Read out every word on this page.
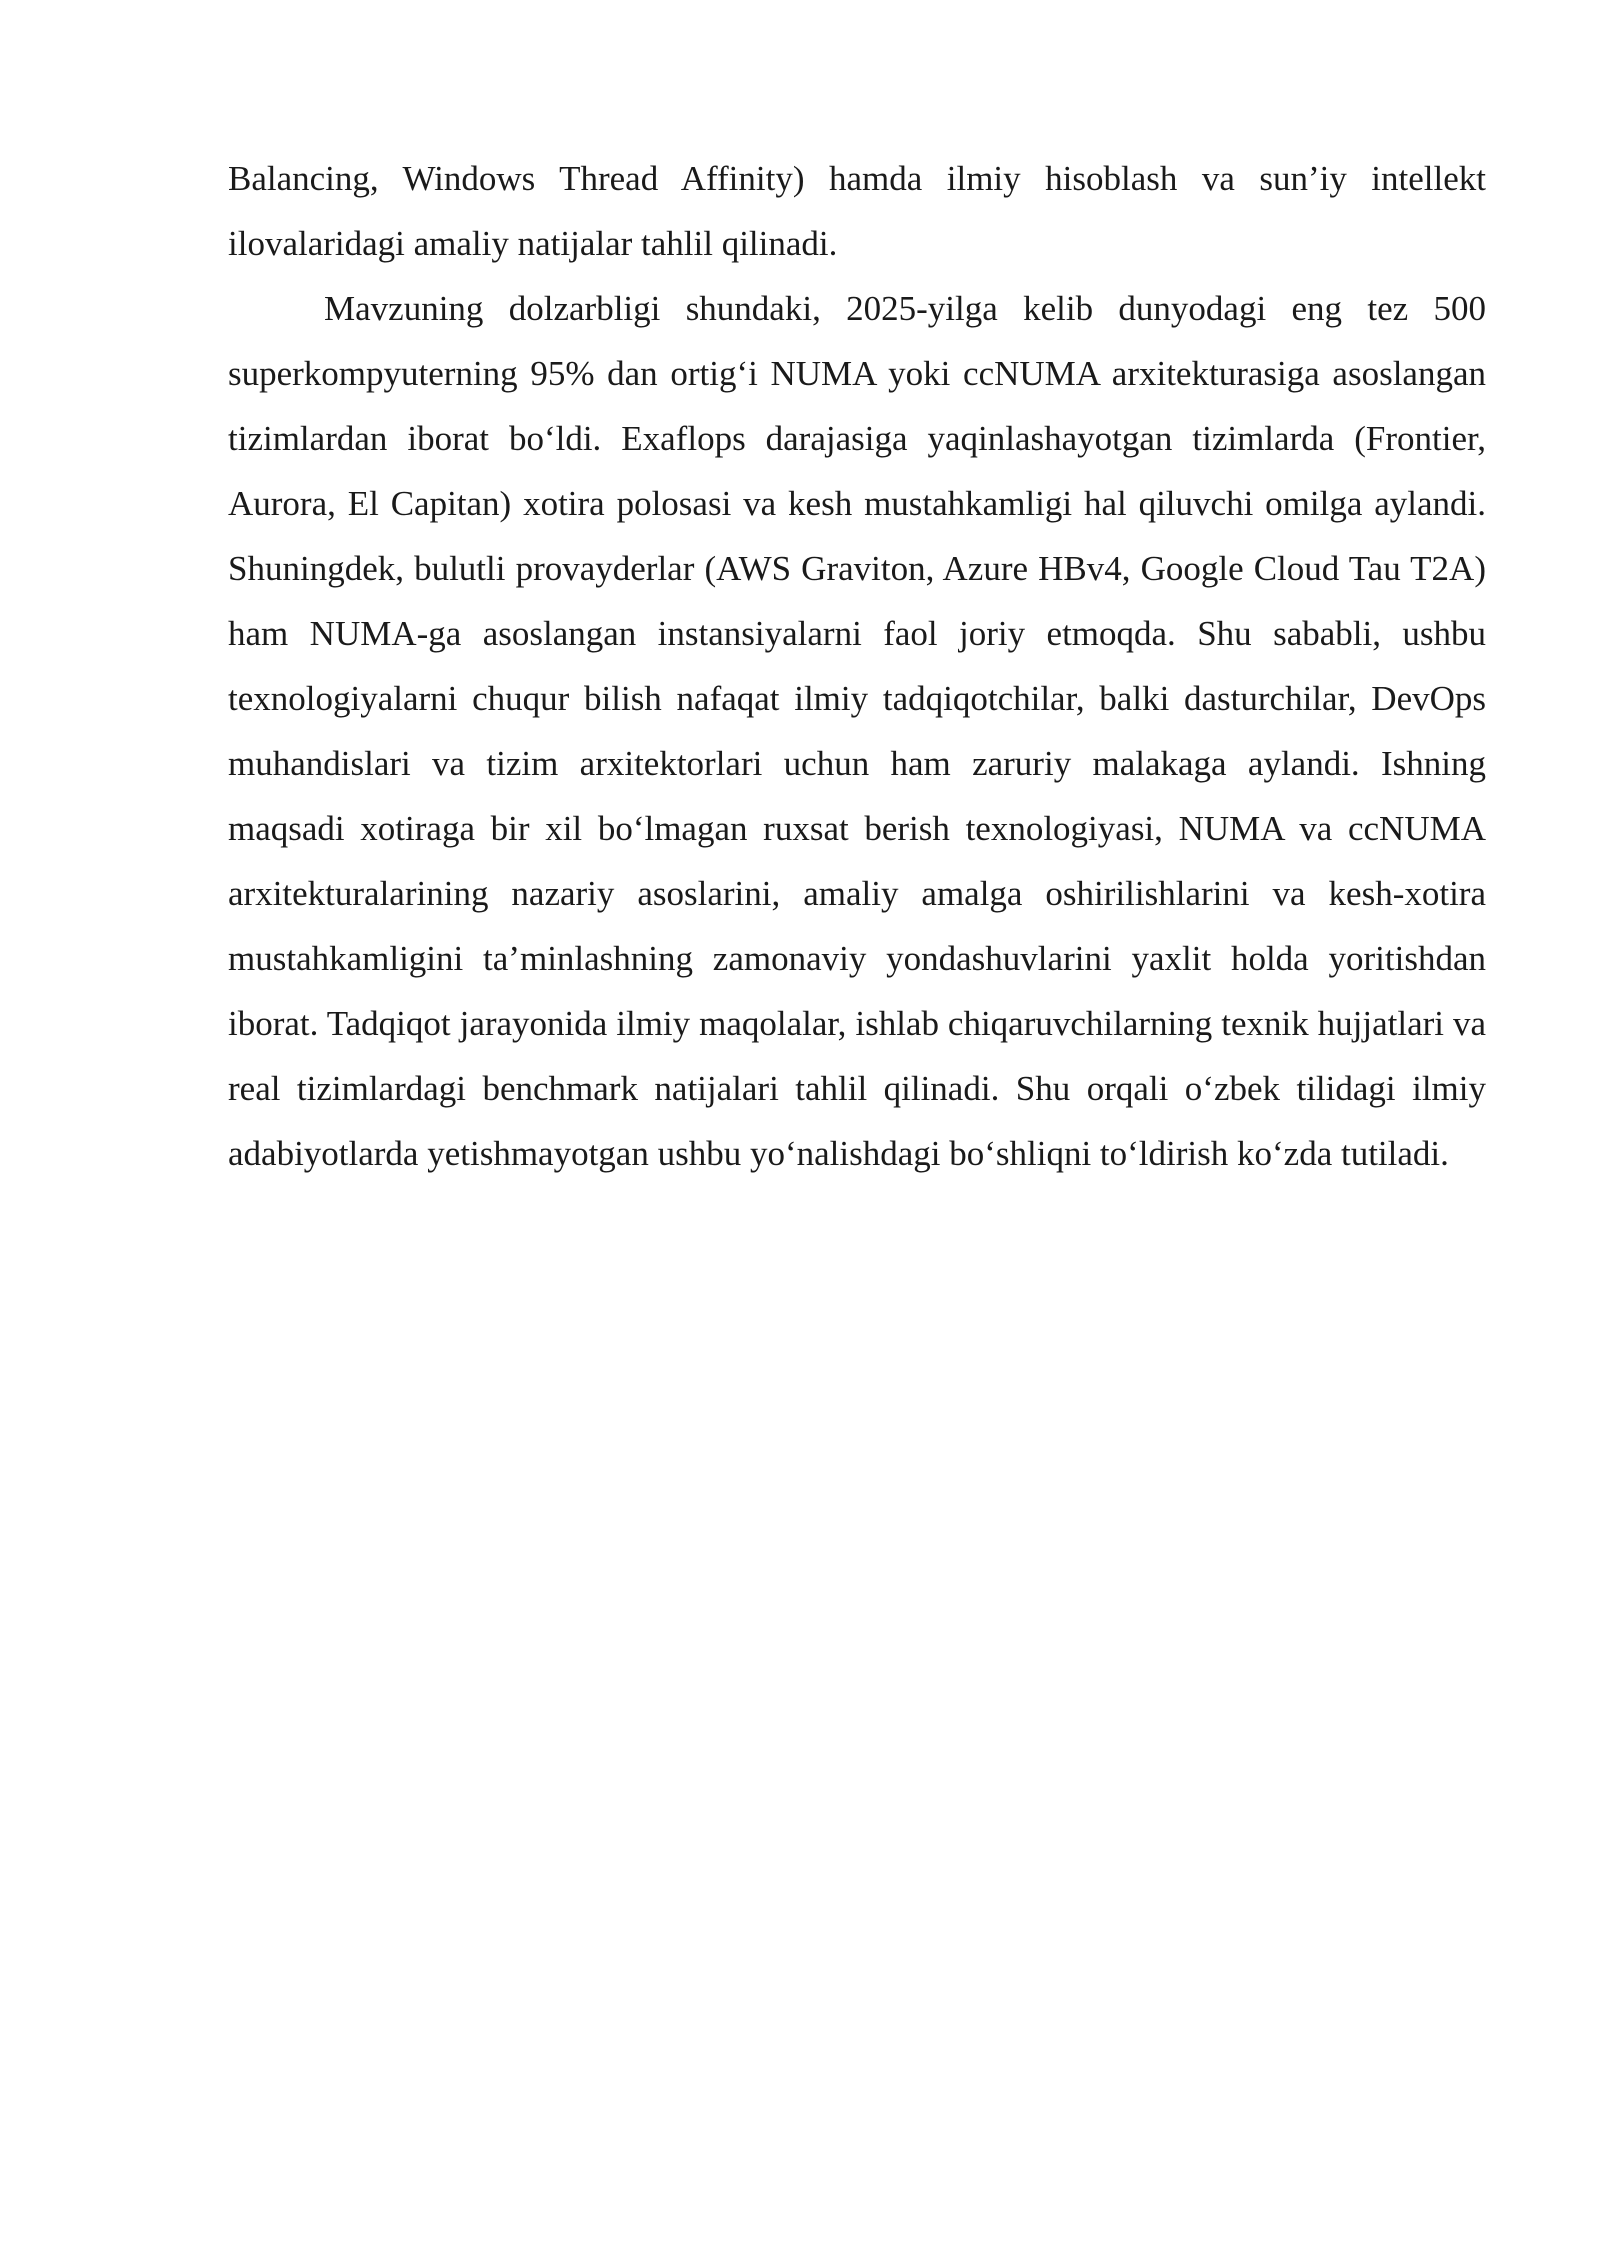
Balancing, Windows Thread Affinity) hamda ilmiy hisoblash va sun’iy intellekt ilovalaridagi amaliy natijalar tahlil qilinadi.

Mavzuning dolzarbligi shundaki, 2025-yilga kelib dunyodagi eng tez 500 superkompyuterning 95% dan ortig‘i NUMA yoki ccNUMA arxitekturasiga asoslangan tizimlardan iborat bo‘ldi. Exaflops darajasiga yaqinlashayotgan tizimlarda (Frontier, Aurora, El Capitan) xotira polosasi va kesh mustahkamligi hal qiluvchi omilga aylandi. Shuningdek, bulutli provayderlar (AWS Graviton, Azure HBv4, Google Cloud Tau T2A) ham NUMA-ga asoslangan instansiyalarni faol joriy etmoqda. Shu sababli, ushbu texnologiyalarni chuqur bilish nafaqat ilmiy tadqiqotchilar, balki dasturchilar, DevOps muhandislari va tizim arxitektorlari uchun ham zaruriy malakaga aylandi. Ishning maqsadi xotiraga bir xil bo‘lmagan ruxsat berish texnologiyasi, NUMA va ccNUMA arxitekturalarining nazariy asoslarini, amaliy amalga oshirilishlarini va kesh-xotira mustahkamligini ta’minlashning zamonaviy yondashuvlarini yaxlit holda yoritishdan iborat. Tadqiqot jarayonida ilmiy maqolalar, ishlab chiqaruvchilarning texnik hujjatlari va real tizimlardagi benchmark natijalari tahlil qilinadi. Shu orqali o‘zbek tilidagi ilmiy adabiyotlarda yetishmayotgan ushbu yo‘nalishdagi bo‘shliqni to‘ldirish ko‘zda tutiladi.
